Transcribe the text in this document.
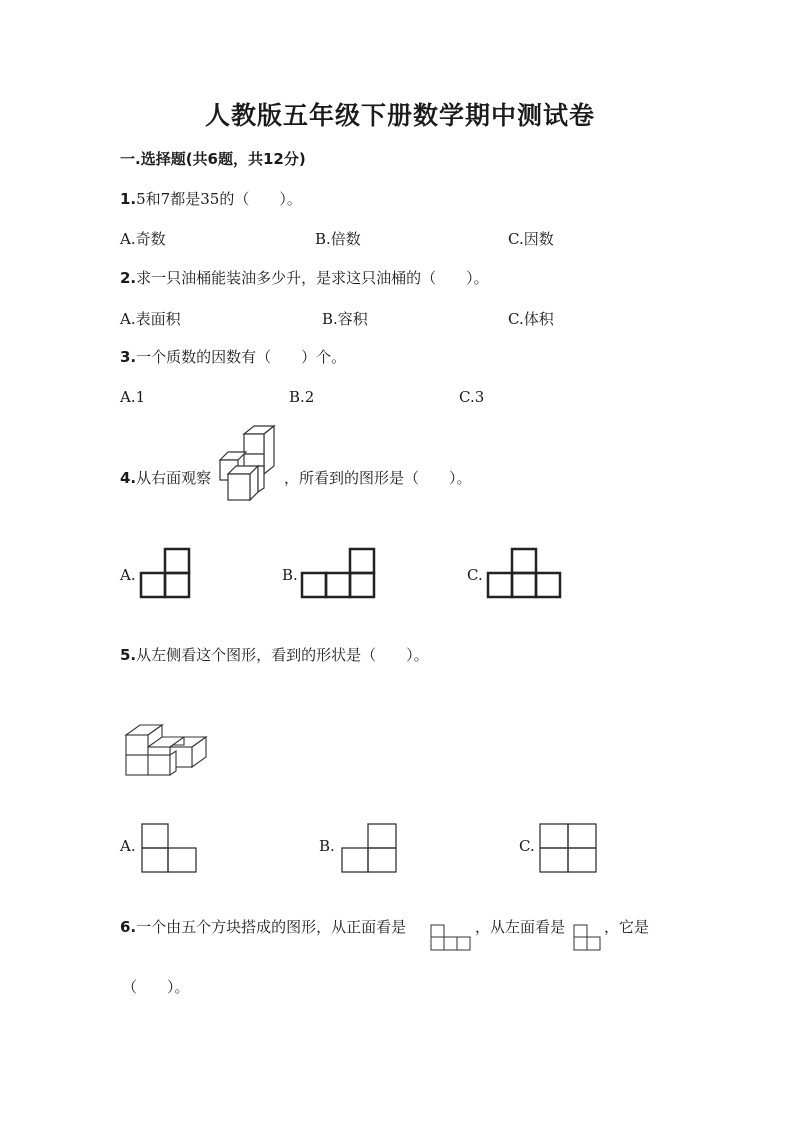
人教版五年级下册数学期中测试卷
一.选择题(共6题，共12分)
1.5和7都是35的（　　）。
A.奇数	B.倍数	C.因数
2.求一只油桶能装油多少升，是求这只油桶的（　　）。
A.表面积	B.容积	C.体积
3.一个质数的因数有（　　）个。
A.1	B.2	C.3
4.从右面观察	，所看到的图形是（　　）。
A.	B.	C.
5.从左侧看这个图形，看到的形状是（　　）。
A.	B.	C.
6.一个由五个方块搭成的图形，从正面看是	，从左面看是	，它是
（　　）。
